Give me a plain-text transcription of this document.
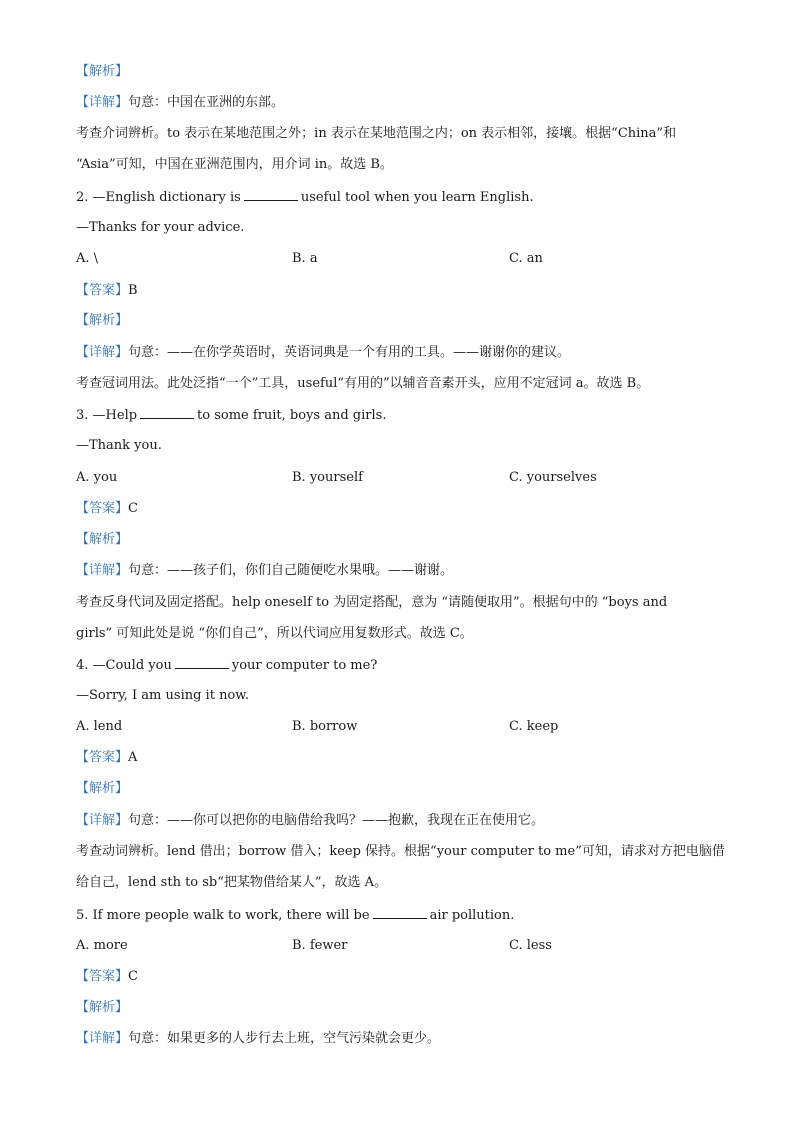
【解析】
【详解】句意：中国在亚洲的东部。
考查介词辨析。to 表示在某地范围之外；in 表示在某地范围之内；on 表示相邻，接壤。根据“China”和
“Asia”可知，中国在亚洲范围内，用介词 in。故选 B。
2. —English dictionary is	useful tool when you learn English.
—Thanks for your advice.
A. \	B. a	C. an
【答案】B
【解析】
【详解】句意：——在你学英语时，英语词典是一个有用的工具。——谢谢你的建议。
考查冠词用法。此处泛指“一个”工具，useful“有用的”以辅音音素开头，应用不定冠词 a。故选 B。
3. —Help	to some fruit, boys and girls.
—Thank you.
A. you	B. yourself	C. yourselves
【答案】C
【解析】
【详解】句意：——孩子们，你们自己随便吃水果哦。——谢谢。
考查反身代词及固定搭配。help oneself to 为固定搭配，意为 “请随便取用”。根据句中的 “boys and
girls” 可知此处是说 “你们自己”，所以代词应用复数形式。故选 C。
4. —Could you	your computer to me?
—Sorry, I am using it now.
A. lend	B. borrow	C. keep
【答案】A
【解析】
【详解】句意：——你可以把你的电脑借给我吗？——抱歉，我现在正在使用它。
考查动词辨析。lend 借出；borrow 借入；keep 保持。根据“your computer to me”可知，请求对方把电脑借
给自己，lend sth to sb“把某物借给某人”，故选 A。
5. If more people walk to work, there will be	air pollution.
A. more	B. fewer	C. less
【答案】C
【解析】
【详解】句意：如果更多的人步行去上班，空气污染就会更少。
